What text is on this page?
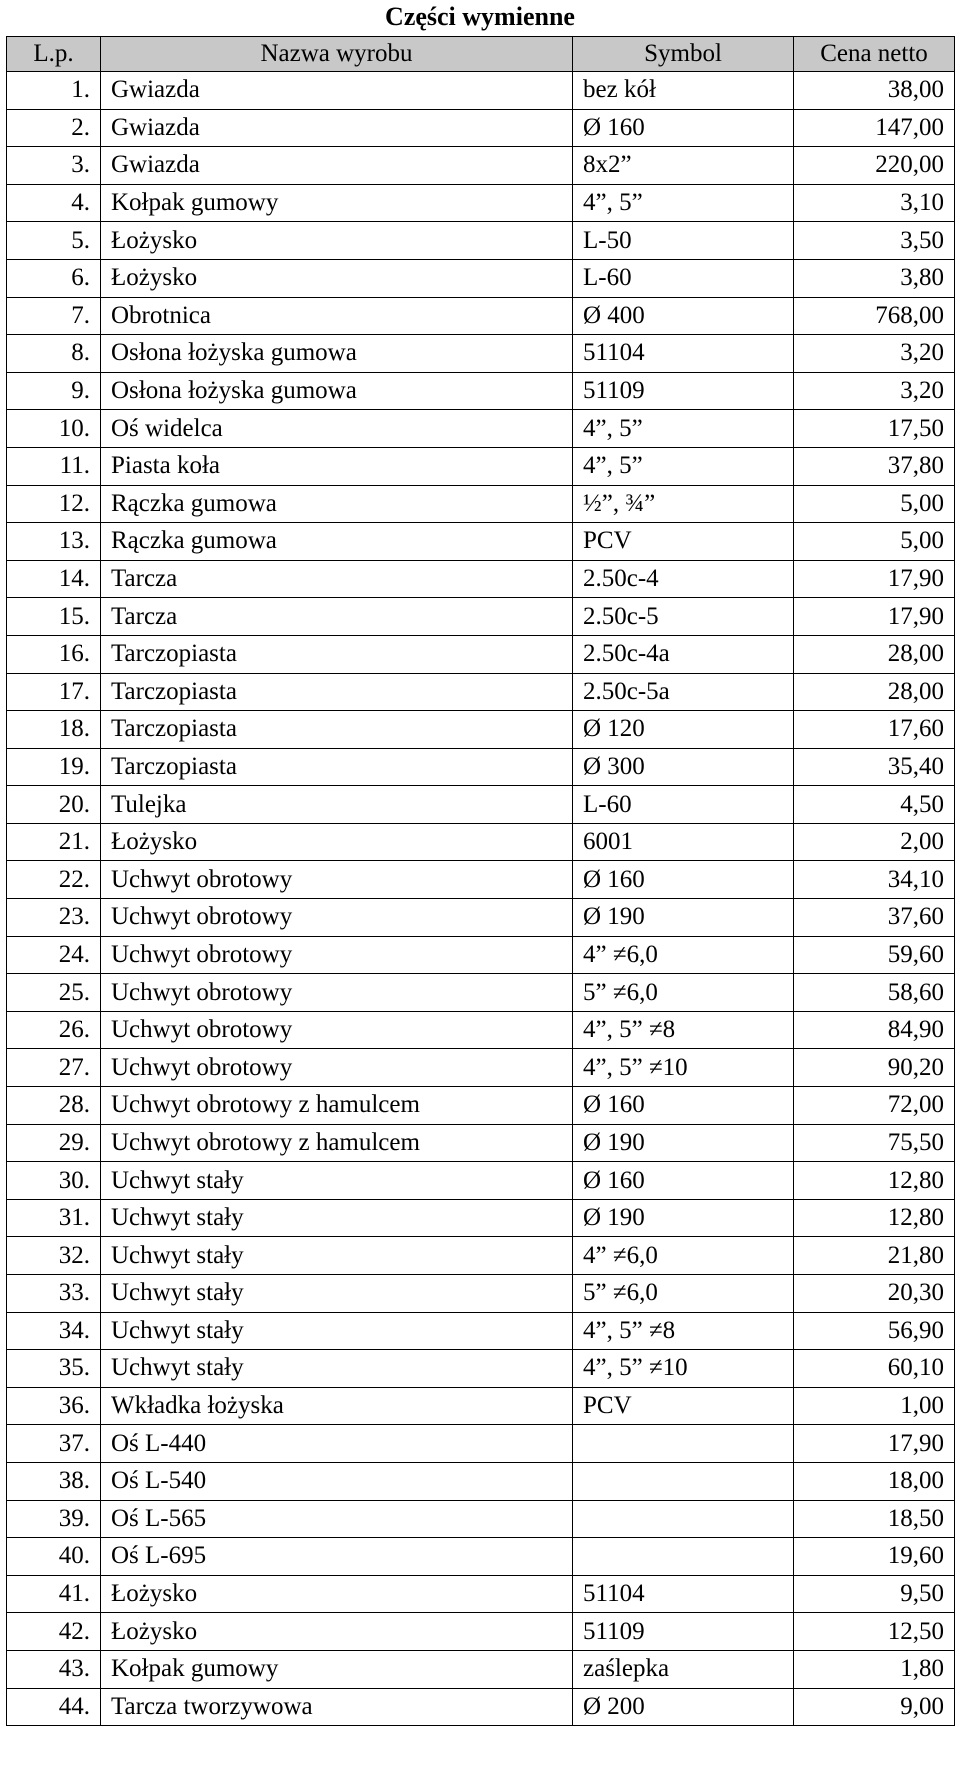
Części wymienne
L.p.	Nazwa wyrobu	Symbol	Cena netto
1.	Gwiazda	bez kół	38,00
2.	Gwiazda	Ø 160	147,00
3.	Gwiazda	8x2”	220,00
4.	Kołpak gumowy	4”, 5”	3,10
5.	Łożysko	L-50	3,50
6.	Łożysko	L-60	3,80
7.	Obrotnica	Ø 400	768,00
8.	Osłona łożyska gumowa	51104	3,20
9.	Osłona łożyska gumowa	51109	3,20
10.	Oś widelca	4”, 5”	17,50
11.	Piasta koła	4”, 5”	37,80
12.	Rączka gumowa	½”, ¾”	5,00
13.	Rączka gumowa	PCV	5,00
14.	Tarcza	2.50c-4	17,90
15.	Tarcza	2.50c-5	17,90
16.	Tarczopiasta	2.50c-4a	28,00
17.	Tarczopiasta	2.50c-5a	28,00
18.	Tarczopiasta	Ø 120	17,60
19.	Tarczopiasta	Ø 300	35,40
20.	Tulejka	L-60	4,50
21.	Łożysko	6001	2,00
22.	Uchwyt obrotowy	Ø 160	34,10
23.	Uchwyt obrotowy	Ø 190	37,60
24.	Uchwyt obrotowy	4” ≠6,0	59,60
25.	Uchwyt obrotowy	5” ≠6,0	58,60
26.	Uchwyt obrotowy	4”, 5” ≠8	84,90
27.	Uchwyt obrotowy	4”, 5” ≠10	90,20
28.	Uchwyt obrotowy z hamulcem	Ø 160	72,00
29.	Uchwyt obrotowy z hamulcem	Ø 190	75,50
30.	Uchwyt stały	Ø 160	12,80
31.	Uchwyt stały	Ø 190	12,80
32.	Uchwyt stały	4” ≠6,0	21,80
33.	Uchwyt stały	5” ≠6,0	20,30
34.	Uchwyt stały	4”, 5” ≠8	56,90
35.	Uchwyt stały	4”, 5” ≠10	60,10
36.	Wkładka łożyska	PCV	1,00
37.	Oś L-440		17,90
38.	Oś L-540		18,00
39.	Oś L-565		18,50
40.	Oś L-695		19,60
41.	Łożysko	51104	9,50
42.	Łożysko	51109	12,50
43.	Kołpak gumowy	zaślepka	1,80
44.	Tarcza tworzywowa	Ø 200	9,00
